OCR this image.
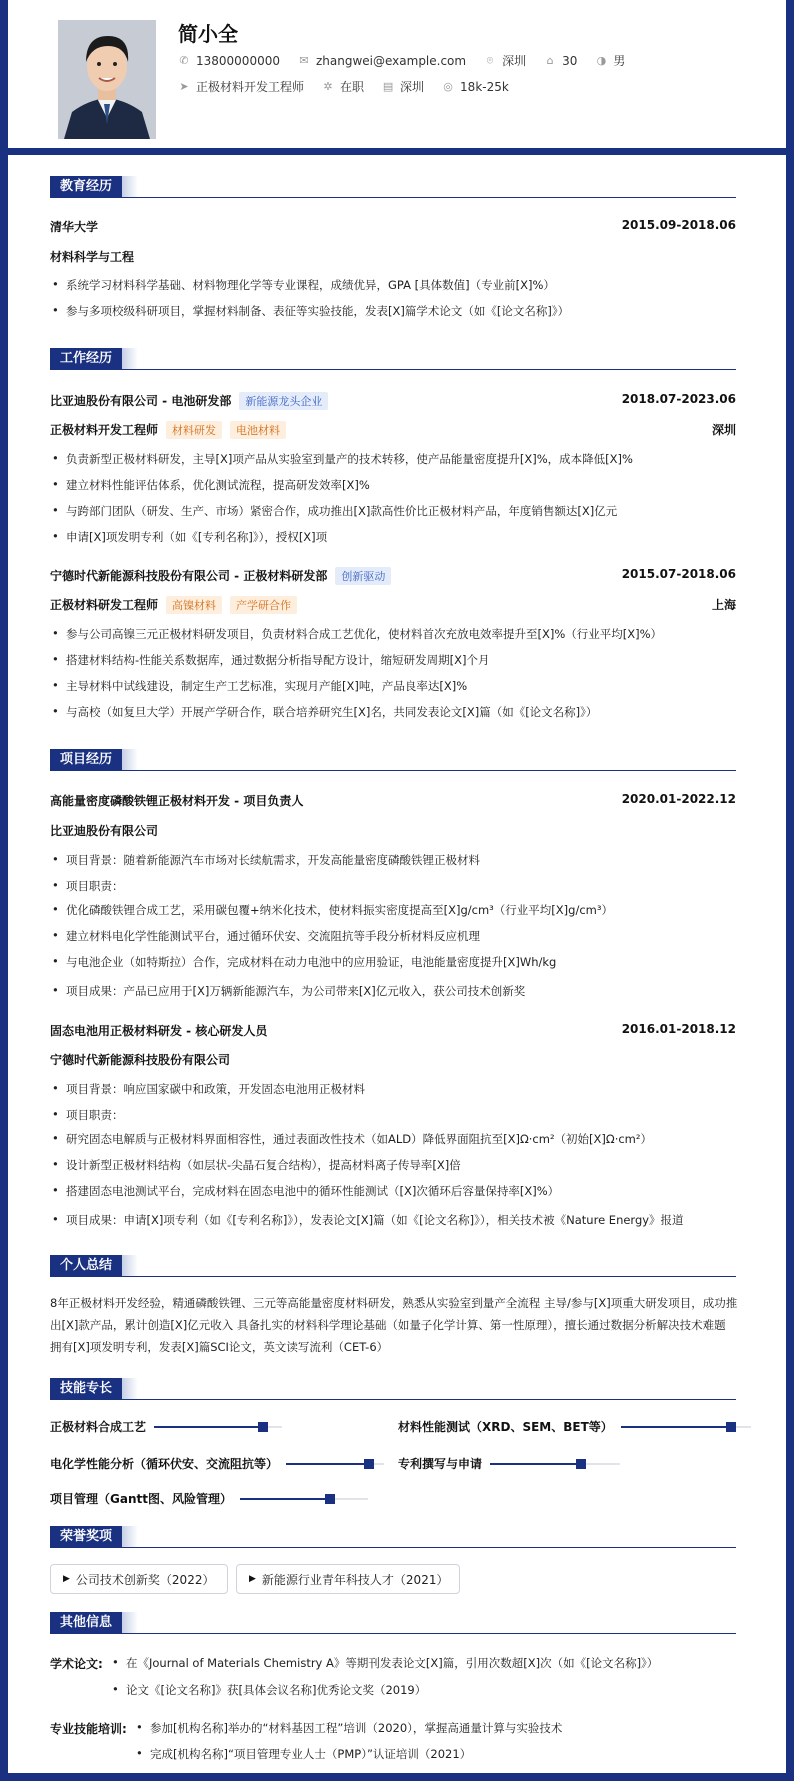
简小全
✆ 13800000000 ✉ zhangwei@example.com ⌾ 深圳 ⌂ 30 ◑ 男
➤ 正极材料开发工程师 ✲ 在职 ▤ 深圳 ◎ 18k-25k
教育经历
清华大学	2015.09-2018.06
材料科学与工程
• 系统学习材料科学基础、材料物理化学等专业课程，成绩优异，GPA [具体数值]（专业前[X]%）
• 参与多项校级科研项目，掌握材料制备、表征等实验技能，发表[X]篇学术论文（如《[论文名称]》）
工作经历
比亚迪股份有限公司 - 电池研发部 新能源龙头企业	2018.07-2023.06
正极材料开发工程师 材料研发 电池材料	深圳
• 负责新型正极材料研发，主导[X]项产品从实验室到量产的技术转移，使产品能量密度提升[X]%，成本降低[X]%
• 建立材料性能评估体系，优化测试流程，提高研发效率[X]%
• 与跨部门团队（研发、生产、市场）紧密合作，成功推出[X]款高性价比正极材料产品，年度销售额达[X]亿元
• 申请[X]项发明专利（如《[专利名称]》），授权[X]项
宁德时代新能源科技股份有限公司 - 正极材料研发部 创新驱动	2015.07-2018.06
正极材料研发工程师 高镍材料 产学研合作	上海
• 参与公司高镍三元正极材料研发项目，负责材料合成工艺优化，使材料首次充放电效率提升至[X]%（行业平均[X]%）
• 搭建材料结构-性能关系数据库，通过数据分析指导配方设计，缩短研发周期[X]个月
• 主导材料中试线建设，制定生产工艺标准，实现月产能[X]吨，产品良率达[X]%
• 与高校（如复旦大学）开展产学研合作，联合培养研究生[X]名，共同发表论文[X]篇（如《[论文名称]》）
项目经历
高能量密度磷酸铁锂正极材料开发 - 项目负责人	2020.01-2022.12
比亚迪股份有限公司
• 项目背景：随着新能源汽车市场对长续航需求，开发高能量密度磷酸铁锂正极材料
• 项目职责：
• 优化磷酸铁锂合成工艺，采用碳包覆+纳米化技术，使材料振实密度提高至[X]g/cm³（行业平均[X]g/cm³）
• 建立材料电化学性能测试平台，通过循环伏安、交流阻抗等手段分析材料反应机理
• 与电池企业（如特斯拉）合作，完成材料在动力电池中的应用验证，电池能量密度提升[X]Wh/kg
• 项目成果：产品已应用于[X]万辆新能源汽车，为公司带来[X]亿元收入，获公司技术创新奖
固态电池用正极材料研发 - 核心研发人员	2016.01-2018.12
宁德时代新能源科技股份有限公司
• 项目背景：响应国家碳中和政策，开发固态电池用正极材料
• 项目职责：
• 研究固态电解质与正极材料界面相容性，通过表面改性技术（如ALD）降低界面阻抗至[X]Ω·cm²（初始[X]Ω·cm²）
• 设计新型正极材料结构（如层状-尖晶石复合结构），提高材料离子传导率[X]倍
• 搭建固态电池测试平台，完成材料在固态电池中的循环性能测试（[X]次循环后容量保持率[X]%）
• 项目成果：申请[X]项专利（如《[专利名称]》），发表论文[X]篇（如《[论文名称]》），相关技术被《Nature Energy》报道
个人总结
8年正极材料开发经验，精通磷酸铁锂、三元等高能量密度材料研发，熟悉从实验室到量产全流程 主导/参与[X]项重大研发项目，成功推出[X]款产品，累计创造[X]亿元收入 具备扎实的材料科学理论基础（如量子化学计算、第一性原理），擅长通过数据分析解决技术难题 拥有[X]项发明专利，发表[X]篇SCI论文，英文读写流利（CET-6）
技能专长
正极材料合成工艺	材料性能测试（XRD、SEM、BET等）
电化学性能分析（循环伏安、交流阻抗等）	专利撰写与申请
项目管理（Gantt图、风险管理）
荣誉奖项
▶ 公司技术创新奖（2022）	▶ 新能源行业青年科技人才（2021）
其他信息
学术论文:	• 在《Journal of Materials Chemistry A》等期刊发表论文[X]篇，引用次数超[X]次（如《[论文名称]》）
• 论文《[论文名称]》获[具体会议名称]优秀论文奖（2019）
专业技能培训:	• 参加[机构名称]举办的“材料基因工程”培训（2020），掌握高通量计算与实验技术
• 完成[机构名称]“项目管理专业人士（PMP）”认证培训（2021）
